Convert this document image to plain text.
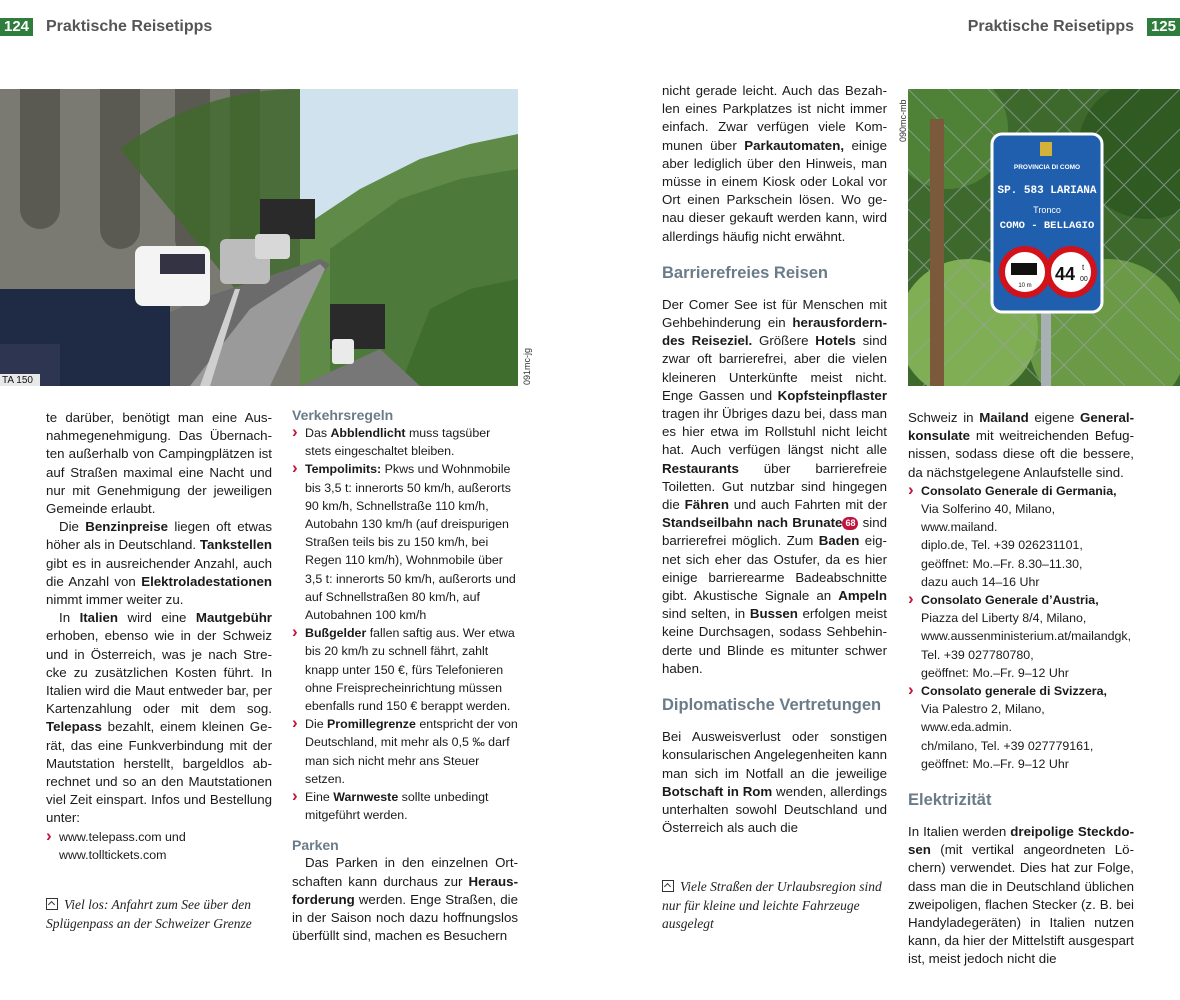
124 Praktische Reisetipps	Praktische Reisetipps 125
TA 150	091mc-jg

te darüber, benötigt man eine Ausnahmegenehmigung. Das Übernachten außerhalb von Campingplätzen ist auf Straßen maximal eine Nacht und nur mit Genehmigung der jeweiligen Gemeinde erlaubt.

Die Benzinpreise liegen oft etwas höher als in Deutschland. Tankstellen gibt es in ausreichender Anzahl, auch die Anzahl von Elektroladestationen nimmt immer weiter zu.

In Italien wird eine Mautgebühr erhoben, ebenso wie in der Schweiz und in Österreich, was je nach Strecke zu zusätzlichen Kosten führt. In Italien wird die Maut entweder bar, per Kartenzahlung oder mit dem sog. Telepass bezahlt, einem kleinen Gerät, das eine Funkverbindung mit der Mautstation herstellt, bargeldlos abrechnet und so an den Mautstationen viel Zeit einspart. Infos und Bestellung unter:

› www.telepass.com und
www.tolltickets.com
Viel los: Anfahrt zum See über den Splügenpass an der Schweizer Grenze
Verkehrsregeln
› Das Abblendlicht muss tagsüber stets eingeschaltet bleiben.
› Tempolimits: Pkws und Wohnmobile bis 3,5 t: innerorts 50 km/h, außerorts 90 km/h, Schnellstraße 110 km/h, Autobahn 130 km/h (auf dreispurigen Straßen teils bis zu 150 km/h, bei Regen 110 km/h), Wohnmobile über 3,5 t: innerorts 50 km/h, außerorts und auf Schnellstraßen 80 km/h, auf Autobahnen 100 km/h
› Bußgelder fallen saftig aus. Wer etwa bis 20 km/h zu schnell fährt, zahlt knapp unter 150 €, fürs Telefonieren ohne Freisprecheinrichtung müssen ebenfalls rund 150 € berappt werden.
› Die Promillegrenze entspricht der von Deutschland, mit mehr als 0,5 ‰ darf man sich nicht mehr ans Steuer setzen.
› Eine Warnweste sollte unbedingt mitgeführt werden.
Parken

Das Parken in den einzelnen Ortschaften kann durchaus zur Herausforderung werden. Enge Straßen, die in der Saison noch dazu hoffnungslos überfüllt sind, machen es Besuchern

nicht gerade leicht. Auch das Bezahlen eines Parkplatzes ist nicht immer einfach. Zwar verfügen viele Kommunen über Parkautomaten, einige aber lediglich über den Hinweis, man müsse in einem Kiosk oder Lokal vor Ort einen Parkschein lösen. Wo genau dieser gekauft werden kann, wird allerdings häufig nicht erwähnt.

Barrierefreies Reisen

Der Comer See ist für Menschen mit Gehbehinderung ein herausforderndes Reiseziel. Größere Hotels sind zwar oft barrierefrei, aber die vielen kleineren Unterkünfte meist nicht. Enge Gassen und Kopfsteinpflaster tragen ihr Übriges dazu bei, dass man es hier etwa im Rollstuhl nicht leicht hat. Auch verfügen längst nicht alle Restaurants über barrierefreie Toiletten. Gut nutzbar sind hingegen die Fähren und auch Fahrten mit der Standseilbahn nach Brunate 68 sind barrierefrei möglich. Zum Baden eignet sich eher das Ostufer, da es hier einige barrierearme Badeabschnitte gibt. Akustische Signale an Ampeln sind selten, in Bussen erfolgen meist keine Durchsagen, sodass Sehbehinderte und Blinde es mitunter schwer haben.

Diplomatische Vertretungen

Bei Ausweisverlust oder sonstigen konsularischen Angelegenheiten kann man sich im Notfall an die jeweilige Botschaft in Rom wenden, allerdings unterhalten sowohl Deutschland und Österreich als auch die

Viele Straßen der Urlaubsregion sind nur für kleine und leichte Fahrzeuge ausgelegt
090mc-mb
PROVINCIA DI COMO
SP. 583 LARIANA
Tronco
COMO - BELLAGIO
10 m
44 t
00

Schweiz in Mailand eigene Generalkonsulate mit weitreichenden Befugnissen, sodass diese oft die bessere, da nächstgelegene Anlaufstelle sind.

› Consolato Generale di Germania,
Via Solferino 40, Milano, www.mailand.
diplo.de, Tel. +39 026231101,
geöffnet: Mo.–Fr. 8.30–11.30,
dazu auch 14–16 Uhr
› Consolato Generale d’Austria,
Piazza del Liberty 8/4, Milano,
www.aussenministerium.at/mailandgk,
Tel. +39 027780780,
geöffnet: Mo.–Fr. 9–12 Uhr
› Consolato generale di Svizzera,
Via Palestro 2, Milano, www.eda.admin.
ch/milano, Tel. +39 027779161,
geöffnet: Mo.–Fr. 9–12 Uhr
Elektrizität

In Italien werden dreipolige Steckdosen (mit vertikal angeordneten Löchern) verwendet. Dies hat zur Folge, dass man die in Deutschland üblichen zweipoligen, flachen Stecker (z. B. bei Handyladegeräten) in Italien nutzen kann, da hier der Mittelstift ausgespart ist, meist jedoch nicht die
